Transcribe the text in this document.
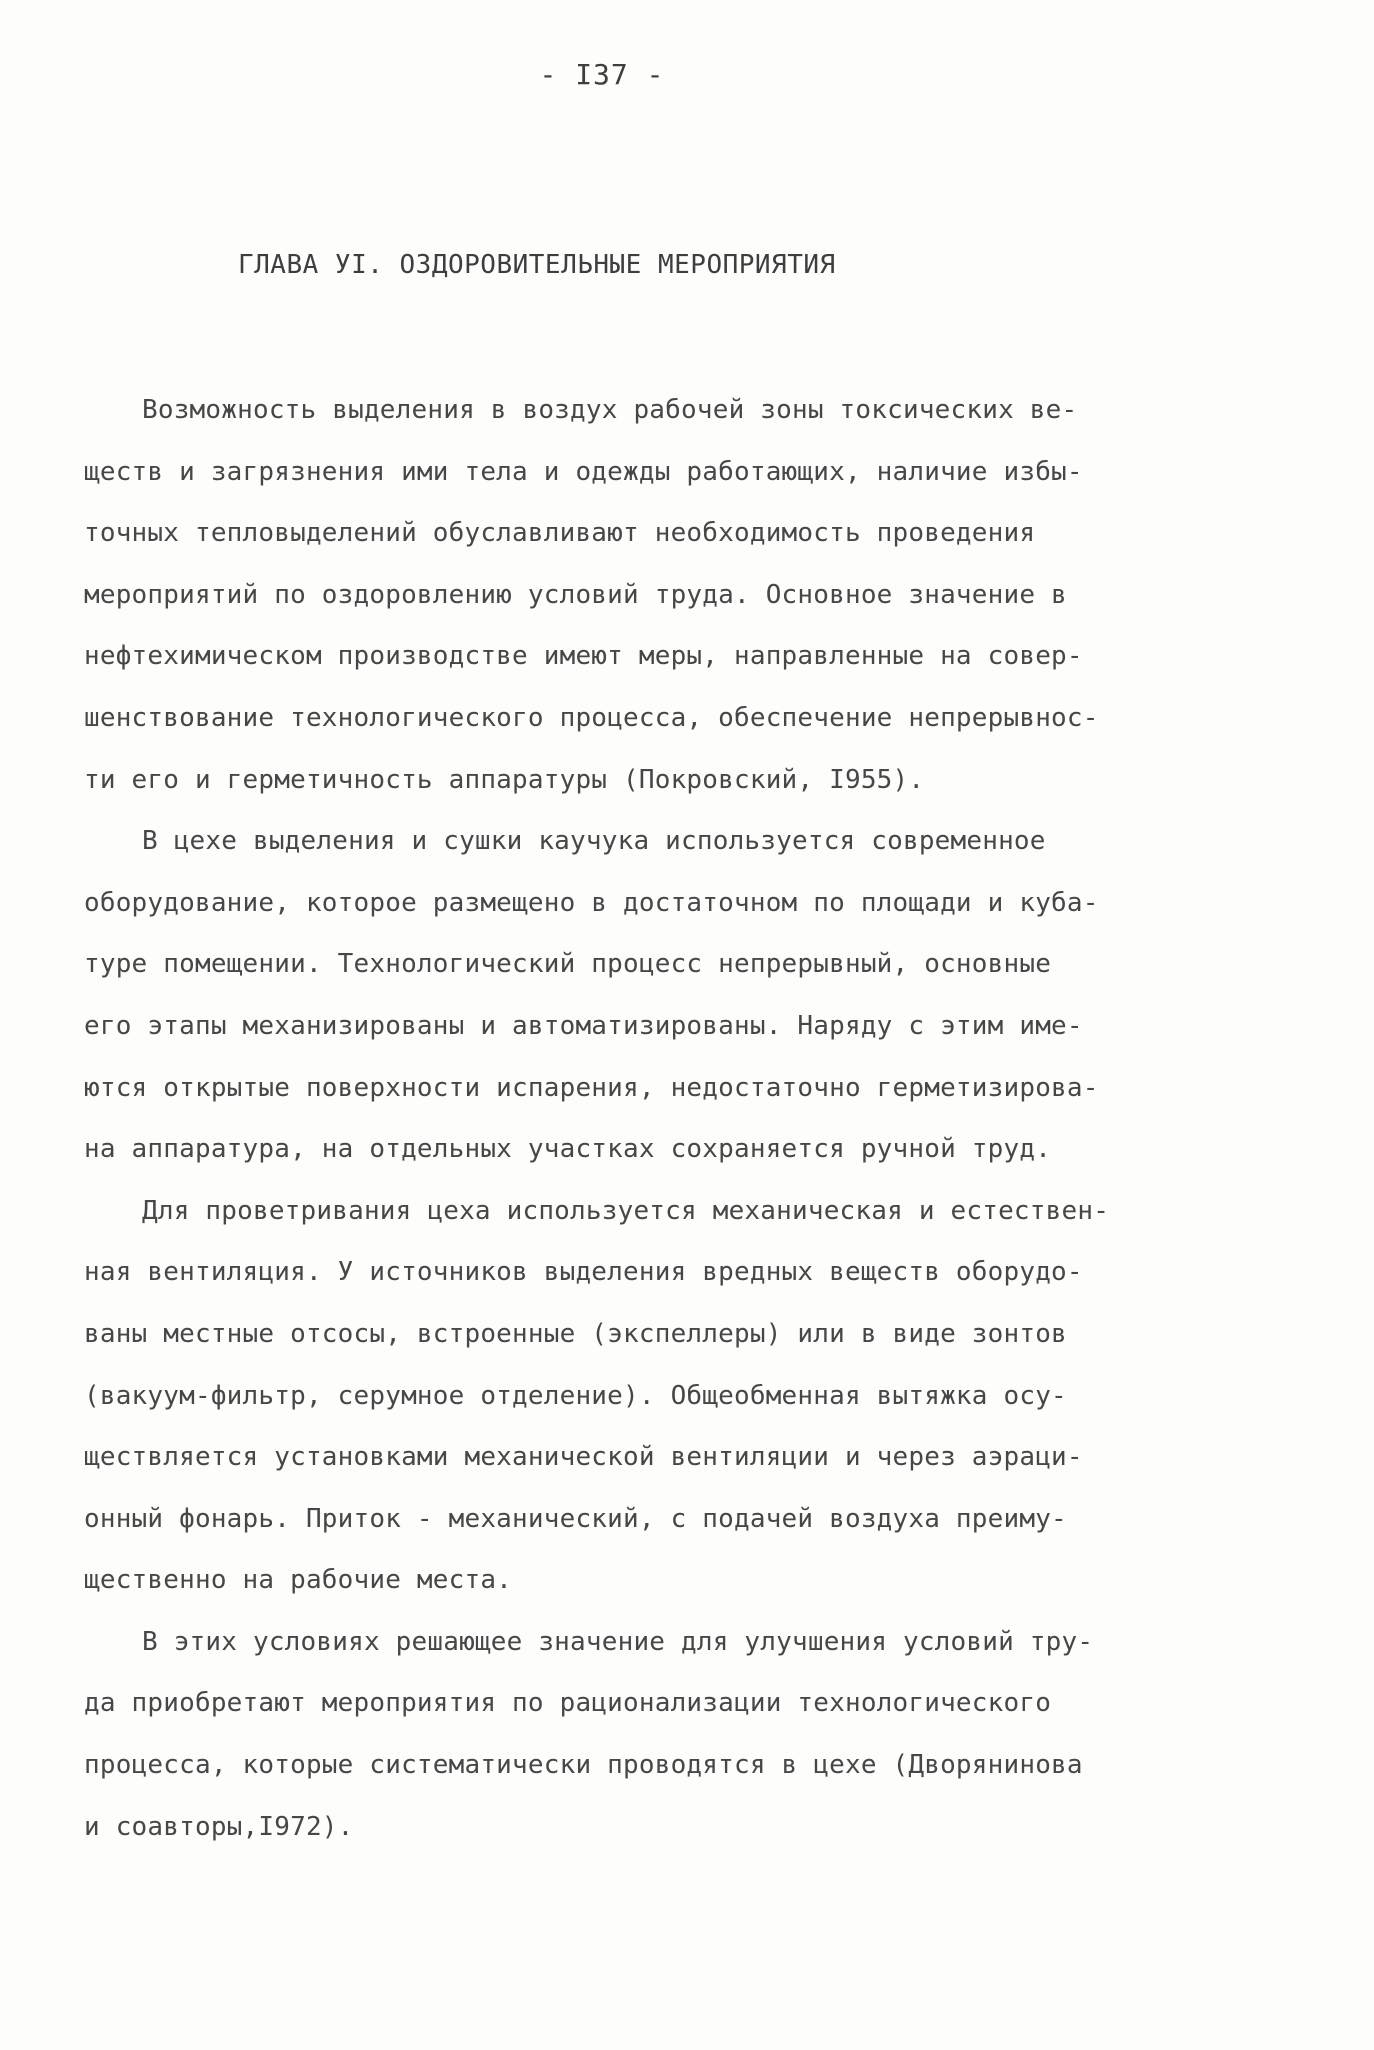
- I37 -
ГЛАВА УI. ОЗДОРОВИТЕЛЬНЫЕ МЕРОПРИЯТИЯ
Возможность выделения в воздух рабочей зоны токсических ве-
ществ и загрязнения ими тела и одежды работающих, наличие избы-
точных тепловыделений обуславливают необходимость проведения
мероприятий по оздоровлению условий труда. Основное значение в
нефтехимическом производстве имеют меры, направленные на совер-
шенствование технологического процесса, обеспечение непрерывнос-
ти его и герметичность аппаратуры (Покровский, I955).
В цехе выделения и сушки каучука используется современное
оборудование, которое размещено в достаточном по площади и куба-
туре помещении. Технологический процесс непрерывный, основные
его этапы механизированы и автоматизированы. Наряду с этим име-
ются открытые поверхности испарения, недостаточно герметизирова-
на аппаратура, на отдельных участках сохраняется ручной труд.
Для проветривания цеха используется механическая и естествен-
ная вентиляция. У источников выделения вредных веществ оборудо-
ваны местные отсосы, встроенные (экспеллеры) или в виде зонтов
(вакуум-фильтр, серумное отделение). Общеобменная вытяжка осу-
ществляется установками механической вентиляции и через аэраци-
онный фонарь. Приток - механический, с подачей воздуха преиму-
щественно на рабочие места.
В этих условиях решающее значение для улучшения условий тру-
да приобретают мероприятия по рационализации технологического
процесса, которые систематически проводятся в цехе (Дворянинова
и соавторы,I972).
